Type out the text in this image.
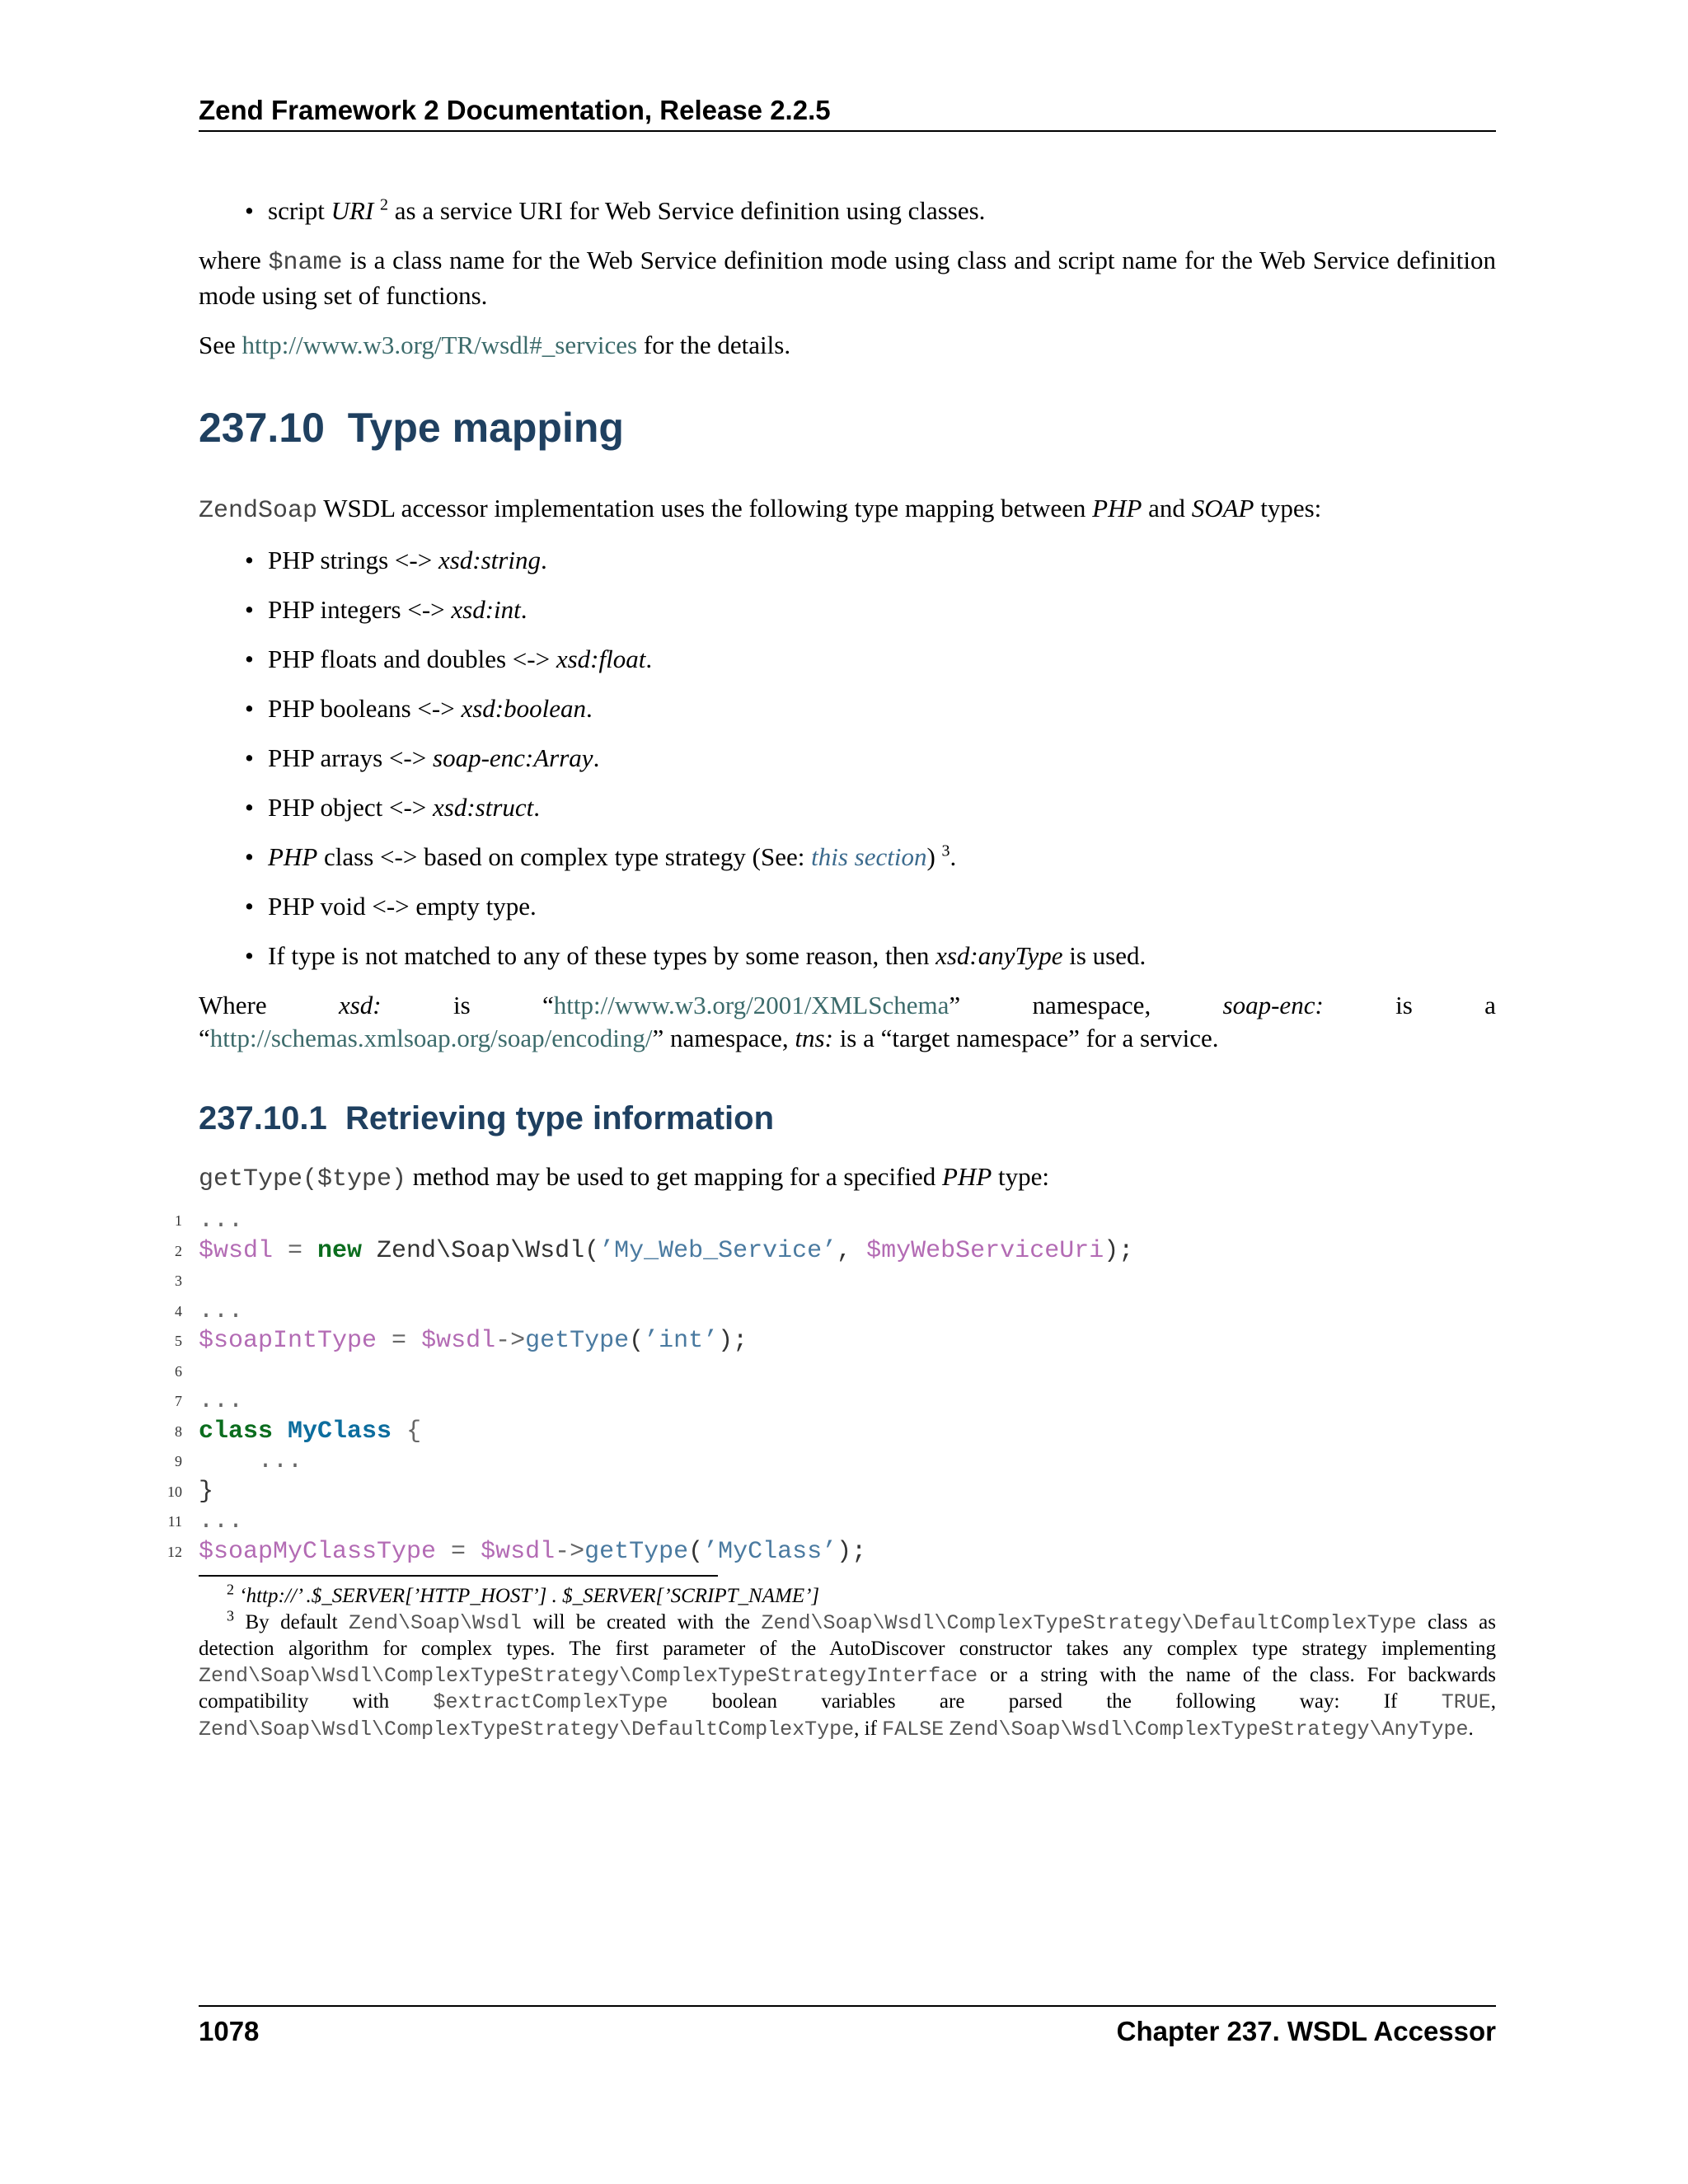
Zend Framework 2 Documentation, Release 2.2.5
• script URI $^2$ as a service URI for Web Service definition using classes.

where $name is a class name for the Web Service definition mode using class and script name for the Web Service definition mode using set of functions.

See http://www.w3.org/TR/wsdl#_services for the details.

237.10 Type mapping

ZendSoap WSDL accessor implementation uses the following type mapping between PHP and SOAP types:

• PHP strings <-> xsd:string.
• PHP integers <-> xsd:int.
• PHP floats and doubles <-> xsd:float.
• PHP booleans <-> xsd:boolean.
• PHP arrays <-> soap-enc:Array.
• PHP object <-> xsd:struct.
• PHP class <-> based on complex type strategy (See: this section) $^3$.
• PHP void <-> empty type.
• If type is not matched to any of these types by some reason, then xsd:anyType is used.
Where	xsd:	is	“http://www.w3.org/2001/XMLSchema”	namespace,	soap-enc:	is	a
“http://schemas.xmlsoap.org/soap/encoding/” namespace, tns: is a “target namespace” for a service.
237.10.1 Retrieving type information

getType($type) method may be used to get mapping for a specified PHP type:

1 ...
2 $wsdl = new Zend\Soap\Wsdl(’My_Web_Service’, $myWebServiceUri);
3
4 ...
5 $soapIntType = $wsdl->getType(’int’);
6
7 ...
8 class MyClass {
9 ...
10 }
11 ...
12 $soapMyClassType = $wsdl->getType(’MyClass’);

$^2$ ‘http://’ .$_SERVER[’HTTP_HOST’] . $_SERVER[’SCRIPT_NAME’]

$^3$ By default Zend\Soap\Wsdl will be created with the Zend\Soap\Wsdl\ComplexTypeStrategy\DefaultComplexType class as detection algorithm for complex types. The first parameter of the AutoDiscover constructor takes any complex type strategy implementing Zend\Soap\Wsdl\ComplexTypeStrategy\ComplexTypeStrategyInterface or a string with the name of the class. For backwards compatibility with $extractComplexType boolean variables are parsed the following way: If TRUE, Zend\Soap\Wsdl\ComplexTypeStrategy\DefaultComplexType, if FALSE Zend\Soap\Wsdl\ComplexTypeStrategy\AnyType.

1078	Chapter 237. WSDL Accessor
